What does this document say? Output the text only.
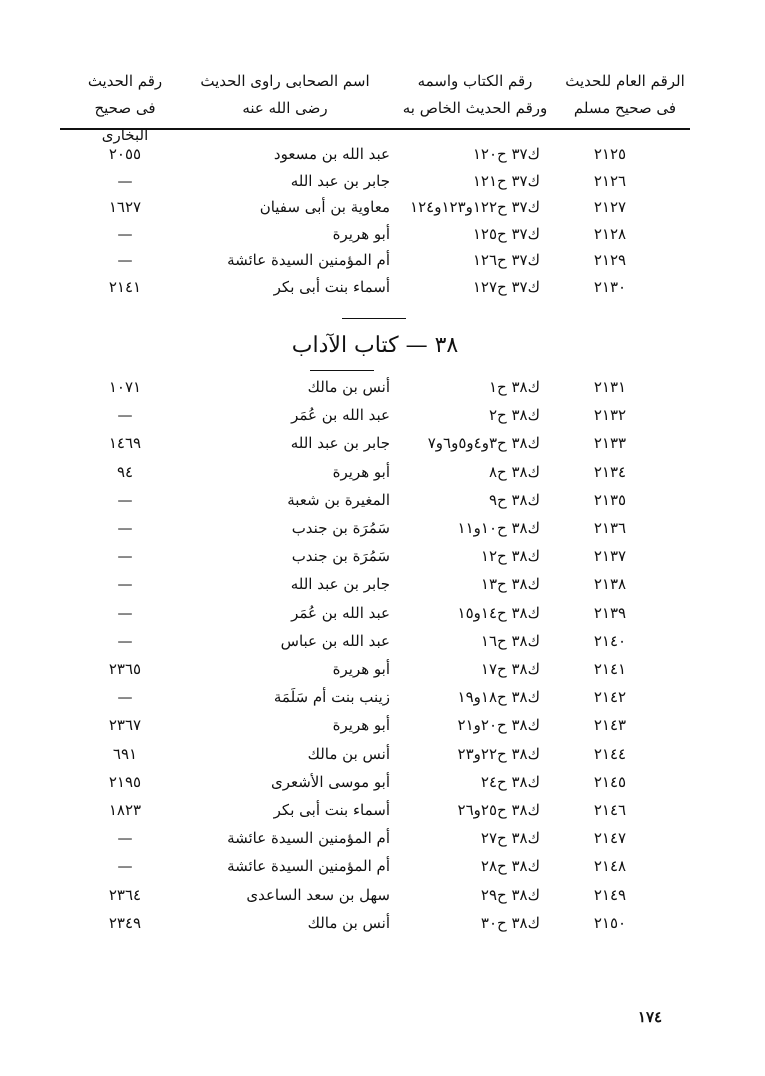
الرقم العام للحديث
فى صحيح مسلم
رقم الكتاب واسمه
ورقم الحديث الخاص به
اسم الصحابى راوى الحديث
رضى الله عنه
رقم الحديث
فى صحيح البخارى
٢١٢٥
ك٣٧ ح١٢٠
عبد الله بن مسعود
٢٠٥٥
٢١٢٦
ك٣٧ ح١٢١
جابر بن عبد الله
—
٢١٢٧
ك٣٧ ح١٢٢و١٢٣و١٢٤
معاوية بن أبى سفيان
١٦٢٧
٢١٢٨
ك٣٧ ح١٢٥
أبو هريرة
—
٢١٢٩
ك٣٧ ح١٢٦
أم المؤمنين السيدة عائشة
—
٢١٣٠
ك٣٧ ح١٢٧
أسماء بنت أبى بكر
٢١٤١
٣٨ — كتاب الآداب
٢١٣١
ك٣٨ ح١
أنس بن مالك
١٠٧١
٢١٣٢
ك٣٨ ح٢
عبد الله بن عُمَر
—
٢١٣٣
ك٣٨ ح٣و٤و٥و٦و٧
جابر بن عبد الله
١٤٦٩
٢١٣٤
ك٣٨ ح٨
أبو هريرة
٩٤
٢١٣٥
ك٣٨ ح٩
المغيرة بن شعبة
—
٢١٣٦
ك٣٨ ح١٠و١١
سَمُرَة بن جندب
—
٢١٣٧
ك٣٨ ح١٢
سَمُرَة بن جندب
—
٢١٣٨
ك٣٨ ح١٣
جابر بن عبد الله
—
٢١٣٩
ك٣٨ ح١٤و١٥
عبد الله بن عُمَر
—
٢١٤٠
ك٣٨ ح١٦
عبد الله بن عباس
—
٢١٤١
ك٣٨ ح١٧
أبو هريرة
٢٣٦٥
٢١٤٢
ك٣٨ ح١٨و١٩
زينب بنت أم سَلَمَة
—
٢١٤٣
ك٣٨ ح٢٠و٢١
أبو هريرة
٢٣٦٧
٢١٤٤
ك٣٨ ح٢٢و٢٣
أنس بن مالك
٦٩١
٢١٤٥
ك٣٨ ح٢٤
أبو موسى الأشعرى
٢١٩٥
٢١٤٦
ك٣٨ ح٢٥و٢٦
أسماء بنت أبى بكر
١٨٢٣
٢١٤٧
ك٣٨ ح٢٧
أم المؤمنين السيدة عائشة
—
٢١٤٨
ك٣٨ ح٢٨
أم المؤمنين السيدة عائشة
—
٢١٤٩
ك٣٨ ح٢٩
سهل بن سعد الساعدى
٢٣٦٤
٢١٥٠
ك٣٨ ح٣٠
أنس بن مالك
٢٣٤٩
١٧٤
